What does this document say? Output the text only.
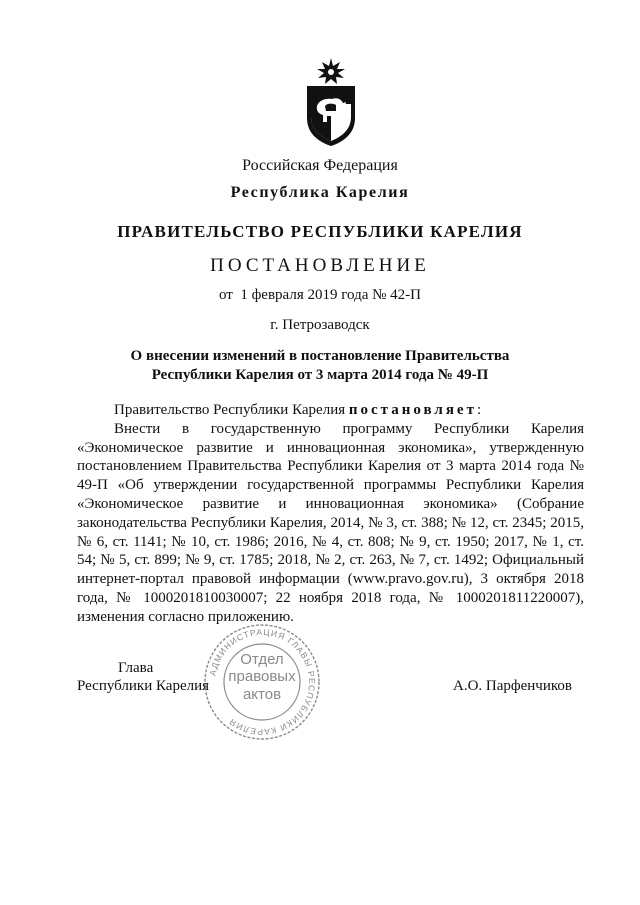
Российская Федерация
Республика Карелия
ПРАВИТЕЛЬСТВО РЕСПУБЛИКИ КАРЕЛИЯ
ПОСТАНОВЛЕНИЕ
от  1 февраля 2019 года № 42-П
г. Петрозаводск
О внесении изменений в постановление Правительства
Республики Карелия от 3 марта 2014 года № 49-П

Правительство Республики Карелия постановляет:

Внести в государственную программу Республики Карелия «Экономическое развитие и инновационная экономика», утвержденную постановлением Правительства Республики Карелия от 3 марта 2014 года № 49-П «Об утверждении государственной программы Республики Карелия «Экономическое развитие и инновационная экономика» (Собрание законодательства Республики Карелия, 2014, № 3, ст. 388; № 12, ст. 2345; 2015, № 6, ст. 1141; № 10, ст. 1986; 2016, № 4, ст. 808; № 9, ст. 1950; 2017, № 1, ст. 54; № 5, ст. 899; № 9, ст. 1785; 2018, № 2, ст. 263, № 7, ст. 1492; Официальный интернет-портал правовой информации (www.pravo.gov.ru), 3 октября 2018 года, № 1000201810030007; 22 ноября 2018 года, № 1000201811220007), изменения согласно приложению.

АДМИНИСТРАЦИЯ ГЛАВЫ РЕСПУБЛИКИ КАРЕЛИЯ
Отдел
правовых
актов
Глава
Республики Карелия	А.О. Парфенчиков
